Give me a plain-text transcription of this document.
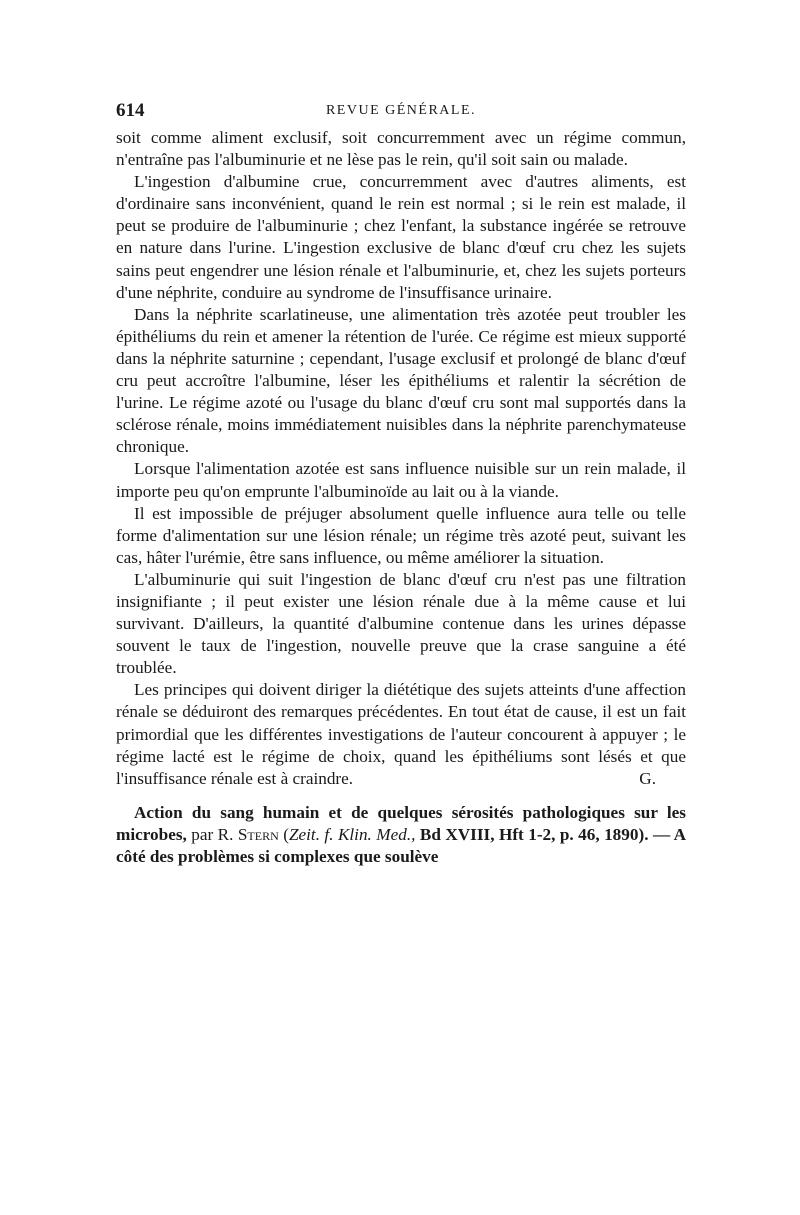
614	REVUE GÉNÉRALE.

soit comme aliment exclusif, soit concurremment avec un régime commun, n'entraîne pas l'albuminurie et ne lèse pas le rein, qu'il soit sain ou malade.

L'ingestion d'albumine crue, concurremment avec d'autres aliments, est d'ordinaire sans inconvénient, quand le rein est normal ; si le rein est malade, il peut se produire de l'albuminurie ; chez l'enfant, la substance ingérée se retrouve en nature dans l'urine. L'ingestion exclusive de blanc d'œuf cru chez les sujets sains peut engendrer une lésion rénale et l'albuminurie, et, chez les sujets porteurs d'une néphrite, conduire au syndrome de l'insuffisance urinaire.

Dans la néphrite scarlatineuse, une alimentation très azotée peut troubler les épithéliums du rein et amener la rétention de l'urée. Ce régime est mieux supporté dans la néphrite saturnine ; cependant, l'usage exclusif et prolongé de blanc d'œuf cru peut accroître l'albumine, léser les épithéliums et ralentir la sécrétion de l'urine. Le régime azoté ou l'usage du blanc d'œuf cru sont mal supportés dans la sclérose rénale, moins immédiatement nuisibles dans la néphrite parenchymateuse chronique.

Lorsque l'alimentation azotée est sans influence nuisible sur un rein malade, il importe peu qu'on emprunte l'albuminoïde au lait ou à la viande.

Il est impossible de préjuger absolument quelle influence aura telle ou telle forme d'alimentation sur une lésion rénale; un régime très azoté peut, suivant les cas, hâter l'urémie, être sans influence, ou même améliorer la situation.

L'albuminurie qui suit l'ingestion de blanc d'œuf cru n'est pas une filtration insignifiante ; il peut exister une lésion rénale due à la même cause et lui survivant. D'ailleurs, la quantité d'albumine contenue dans les urines dépasse souvent le taux de l'ingestion, nouvelle preuve que la crase sanguine a été troublée.

Les principes qui doivent diriger la diététique des sujets atteints d'une affection rénale se déduiront des remarques précédentes. En tout état de cause, il est un fait primordial que les différentes investigations de l'auteur concourent à appuyer ; le régime lacté est le régime de choix, quand les épithéliums sont lésés et que l'insuffisance rénale est à craindre.	G.

Action du sang humain et de quelques sérosités pathologiques sur les microbes, par R. Stern (Zeit. f. Klin. Med., Bd XVIII, Hft 1-2, p. 46, 1890). — A côté des problèmes si complexes que soulève
